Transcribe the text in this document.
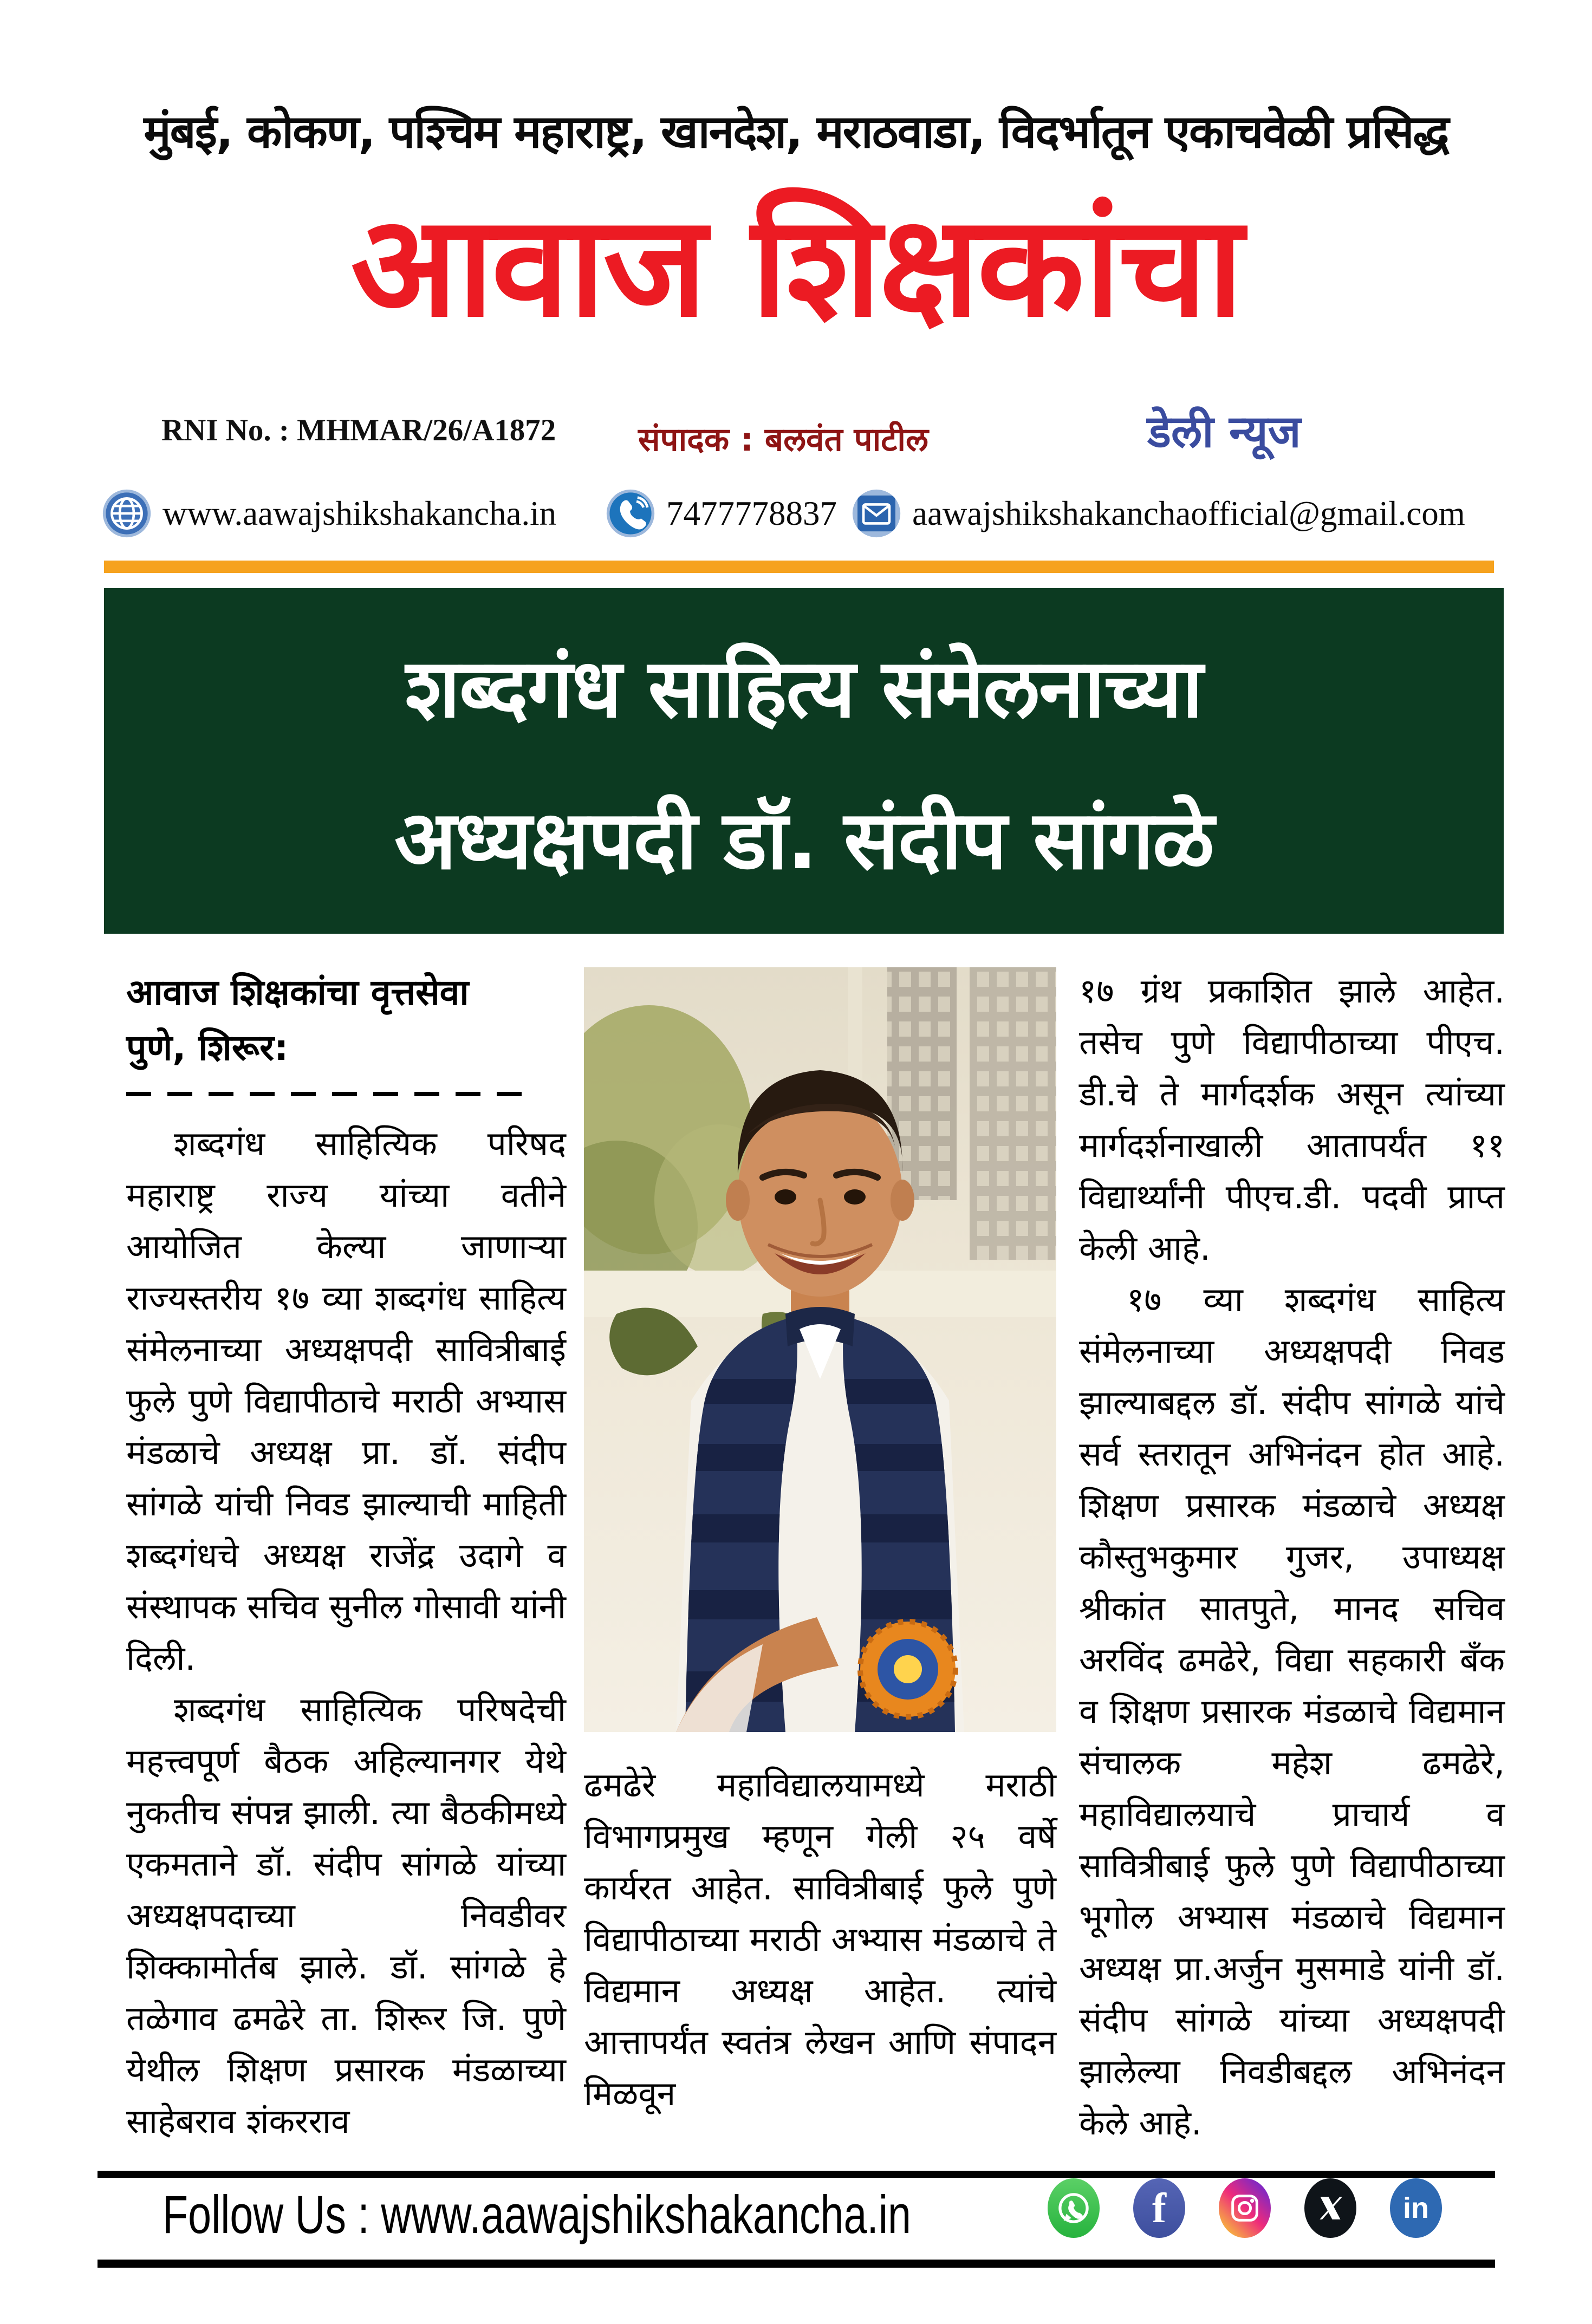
मुंबई, कोकण, पश्चिम महाराष्ट्र, खानदेश, मराठवाडा, विदर्भातून एकाचवेळी प्रसिद्ध
आवाज शिक्षकांचा
RNI No. : MHMAR/26/A1872	संपादक : बलवंत पाटील	डेली न्यूज
www.aawajshikshakancha.in	7477778837 aawajshikshakanchaofficial@gmail.com
शब्दगंध साहित्य संमेलनाच्या
अध्यक्षपदी डॉ. संदीप सांगळे
आवाज शिक्षकांचा वृत्तसेवा
पुणे, शिरूर:

शब्दगंध साहित्यिक परिषद महाराष्ट्र राज्य यांच्या वतीने आयोजित केल्या जाणाऱ्या राज्यस्तरीय १७ व्या शब्दगंध साहित्य संमेलनाच्या अध्यक्षपदी सावित्रीबाई फुले पुणे विद्यापीठाचे मराठी अभ्यास मंडळाचे अध्यक्ष प्रा. डॉ. संदीप सांगळे यांची निवड झाल्याची माहिती शब्दगंधचे अध्यक्ष राजेंद्र उदागे व संस्थापक सचिव सुनील गोसावी यांनी दिली.

शब्दगंध साहित्यिक परिषदेची महत्त्वपूर्ण बैठक अहिल्यानगर येथे नुकतीच संपन्न झाली. त्या बैठकीमध्ये एकमताने डॉ. संदीप सांगळे यांच्या अध्यक्षपदाच्या निवडीवर शिक्कामोर्तब झाले. डॉ. सांगळे हे तळेगाव ढमढेरे ता. शिरूर जि. पुणे येथील शिक्षण प्रसारक मंडळाच्या साहेबराव शंकरराव

ढमढेरे महाविद्यालयामध्ये मराठी विभागप्रमुख म्हणून गेली २५ वर्षे कार्यरत आहेत. सावित्रीबाई फुले पुणे विद्यापीठाच्या मराठी अभ्यास मंडळाचे ते विद्यमान अध्यक्ष आहेत. त्यांचे आत्तापर्यंत स्वतंत्र लेखन आणि संपादन मिळवून

१७ ग्रंथ प्रकाशित झाले आहेत. तसेच पुणे विद्यापीठाच्या पीएच. डी.चे ते मार्गदर्शक असून त्यांच्या मार्गदर्शनाखाली आतापर्यंत ११ विद्यार्थ्यांनी पीएच.डी. पदवी प्राप्त केली आहे.

१७ व्या शब्दगंध साहित्य संमेलनाच्या अध्यक्षपदी निवड झाल्याबद्दल डॉ. संदीप सांगळे यांचे सर्व स्तरातून अभिनंदन होत आहे. शिक्षण प्रसारक मंडळाचे अध्यक्ष कौस्तुभकुमार गुजर, उपाध्यक्ष श्रीकांत सातपुते, मानद सचिव अरविंद ढमढेरे, विद्या सहकारी बँक व शिक्षण प्रसारक मंडळाचे विद्यमान संचालक महेश ढमढेरे, महाविद्यालयाचे प्राचार्य व सावित्रीबाई फुले पुणे विद्यापीठाच्या भूगोल अभ्यास मंडळाचे विद्यमान अध्यक्ष प्रा.अर्जुन मुसमाडे यांनी डॉ. संदीप सांगळे यांच्या अध्यक्षपदी झालेल्या निवडीबद्दल अभिनंदन केले आहे.

Follow Us : www.aawajshikshakancha.in	f	in
